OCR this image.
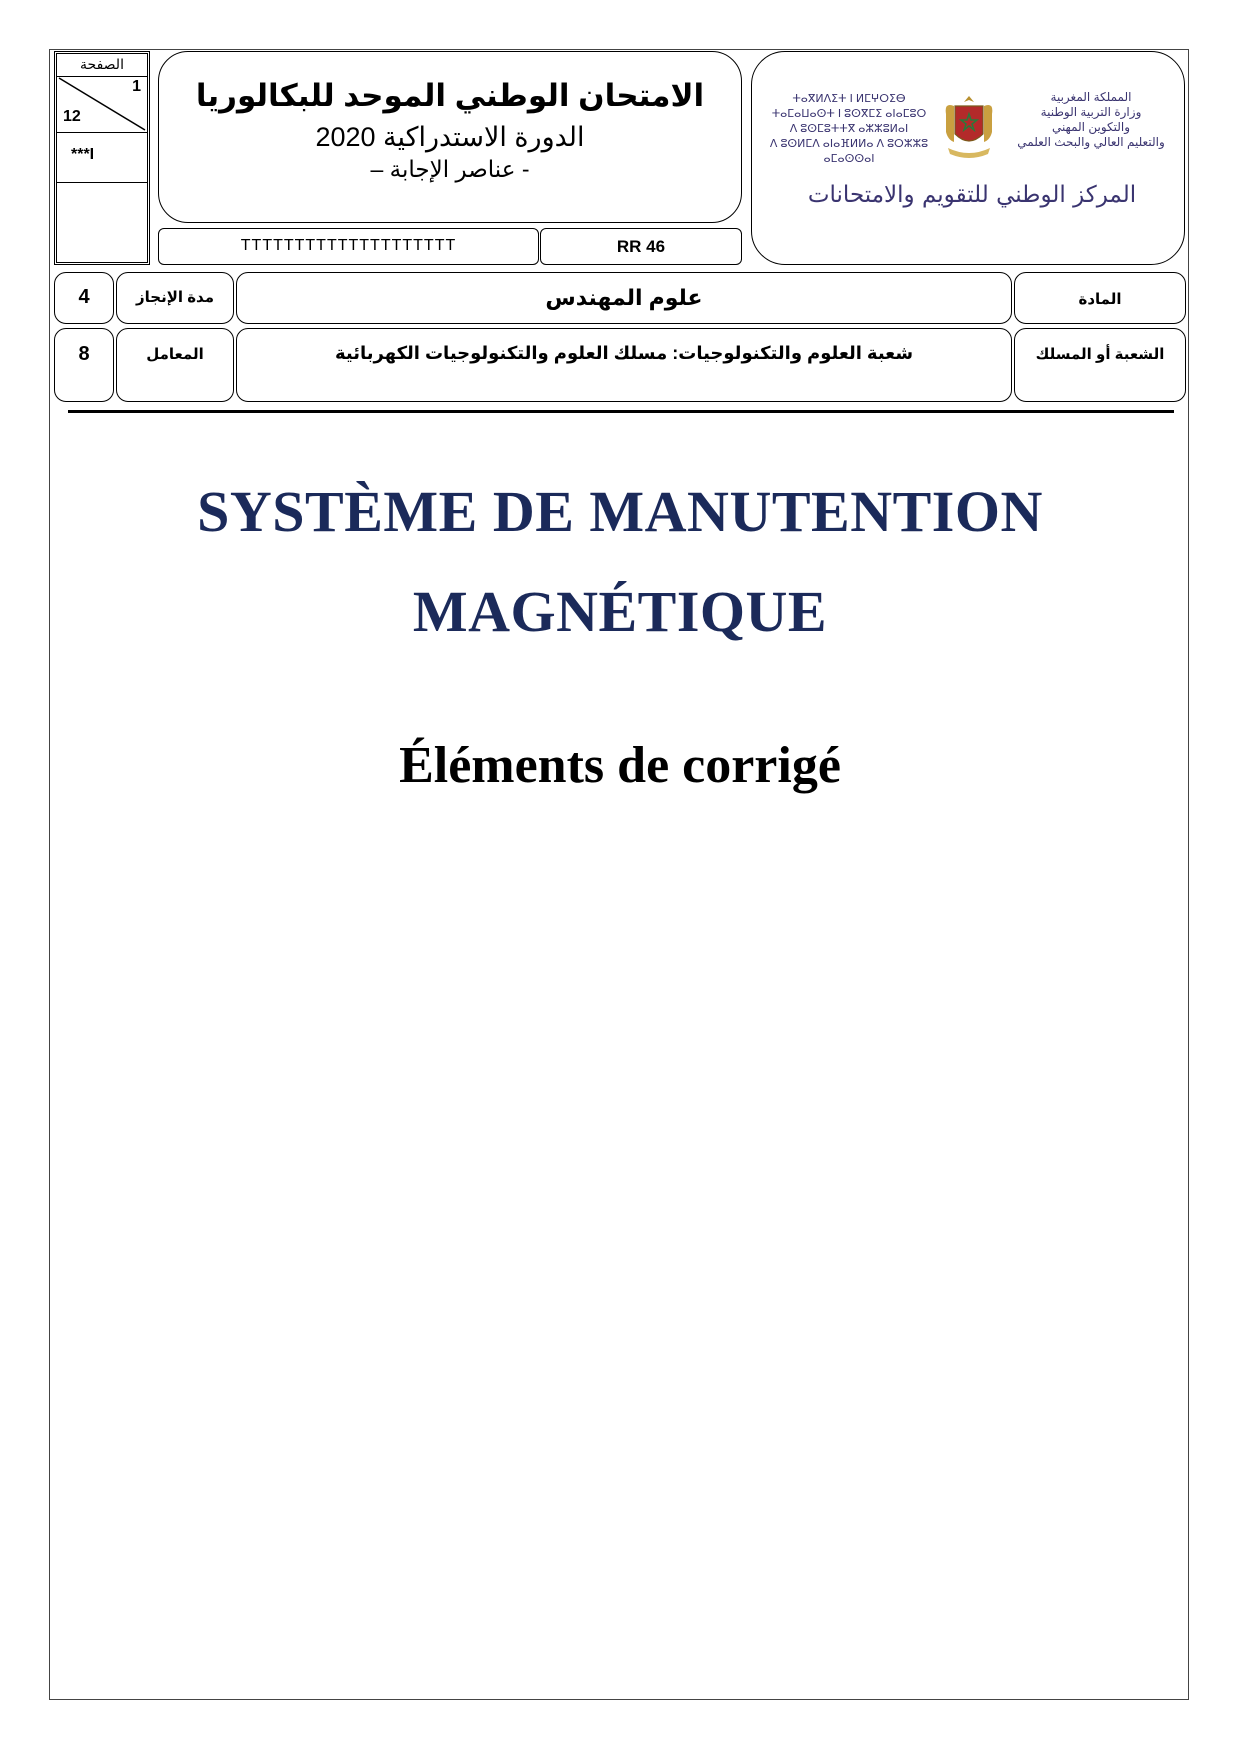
الصفحة
1
12
***I
الامتحان الوطني الموحد للبكالوريا
الدورة الاستدراكية 2020
- عناصر الإجابة –
TTTTTTTTTTTTTTTTTTTT	RR 46
ⵜⴰⴳⵍⴷⵉⵜ ⵏ ⵍⵎⵖⵔⵉⴱ
ⵜⴰⵎⴰⵡⴰⵙⵜ ⵏ ⵓⵙⴳⵎⵉ ⴰⵏⴰⵎⵓⵔ
ⴷ ⵓⵙⵎⵓⵜⵜⴳ ⴰⵣⵣⵓⵍⴰⵏ
ⴷ ⵓⵙⵍⵎⴷ ⴰⵏⴰⴼⵍⵍⴰ ⴷ ⵓⵔⵣⵣⵓ ⴰⵎⴰⵙⵙⴰⵏ
المملكة المغربية
وزارة التربية الوطنية
والتكوين المهني
والتعليم العالي والبحث العلمي
المركز الوطني للتقويم والامتحانات
4	مدة الإنجاز	علوم المهندس	المادة
8	المعامل	شعبة العلوم والتكنولوجيات: مسلك العلوم والتكنولوجيات الكهربائية	الشعبة أو المسلك
SYSTÈME DE MANUTENTION
MAGNÉTIQUE
Éléments de corrigé
